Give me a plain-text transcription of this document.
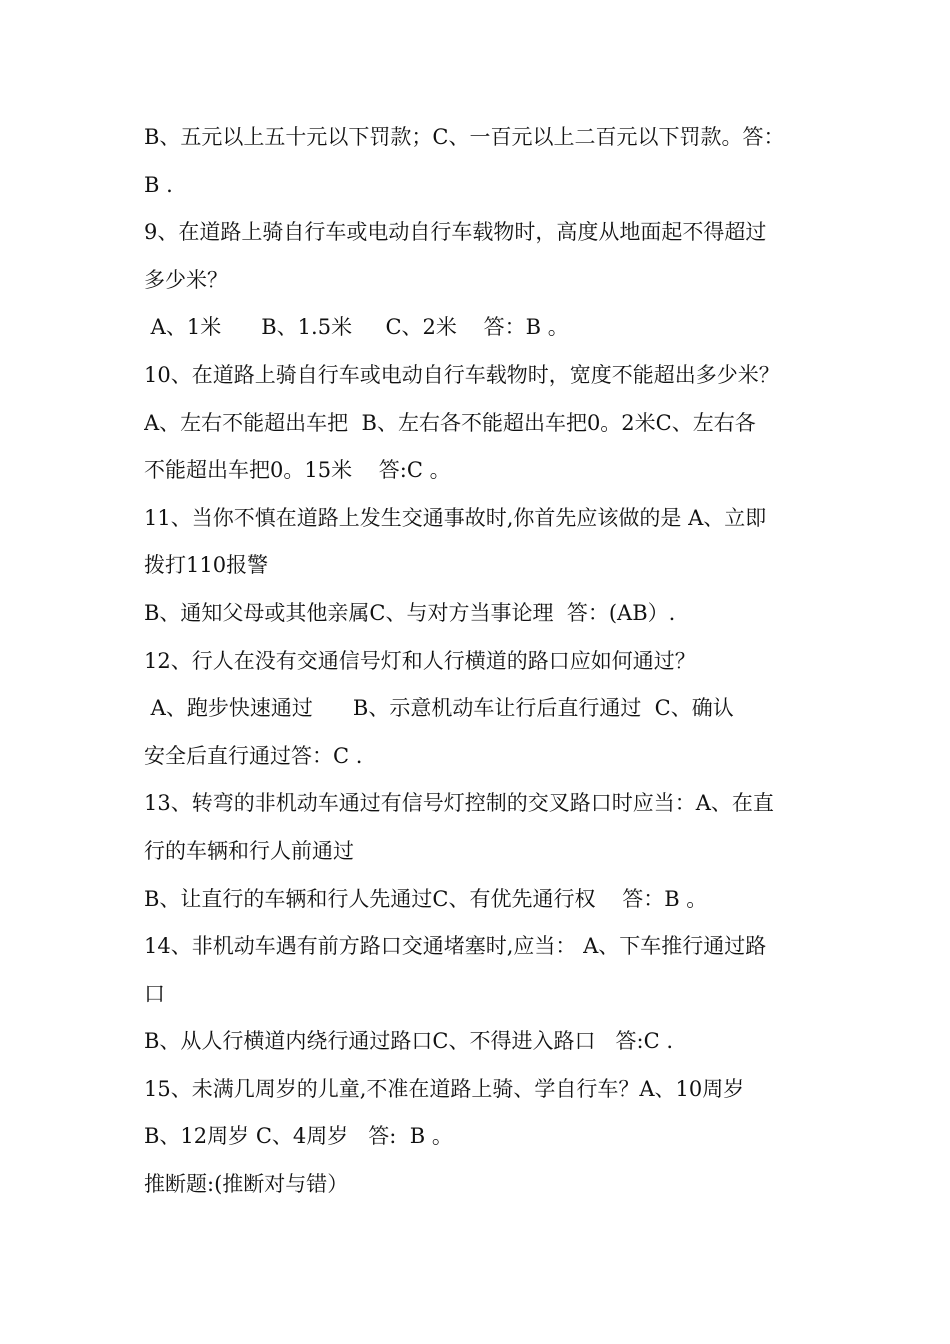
B、五元以上五十元以下罚款；C、一百元以上二百元以下罚款。答：
B .
9、在道路上骑自行车或电动自行车载物时，高度从地面起不得超过
多少米？
A、1米      B、1.5米     C、2米    答：B 。
10、在道路上骑自行车或电动自行车载物时，宽度不能超出多少米？
A、左右不能超出车把  B、左右各不能超出车把0。2米C、左右各
不能超出车把0。15米    答:C 。
11、当你不慎在道路上发生交通事故时,你首先应该做的是 A、立即
拨打110报警
B、通知父母或其他亲属C、与对方当事论理  答：(AB）.
12、行人在没有交通信号灯和人行横道的路口应如何通过？
A、跑步快速通过      B、示意机动车让行后直行通过  C、确认
安全后直行通过答：C .
13、转弯的非机动车通过有信号灯控制的交叉路口时应当：A、在直
行的车辆和行人前通过
B、让直行的车辆和行人先通过C、有优先通行权    答：B 。
14、非机动车遇有前方路口交通堵塞时,应当： A、下车推行通过路
口
B、从人行横道内绕行通过路口C、不得进入路口   答:C .
15、未满几周岁的儿童,不准在道路上骑、学自行车？A、10周岁
B、12周岁 C、4周岁   答:  B 。
推断题:(推断对与错）
